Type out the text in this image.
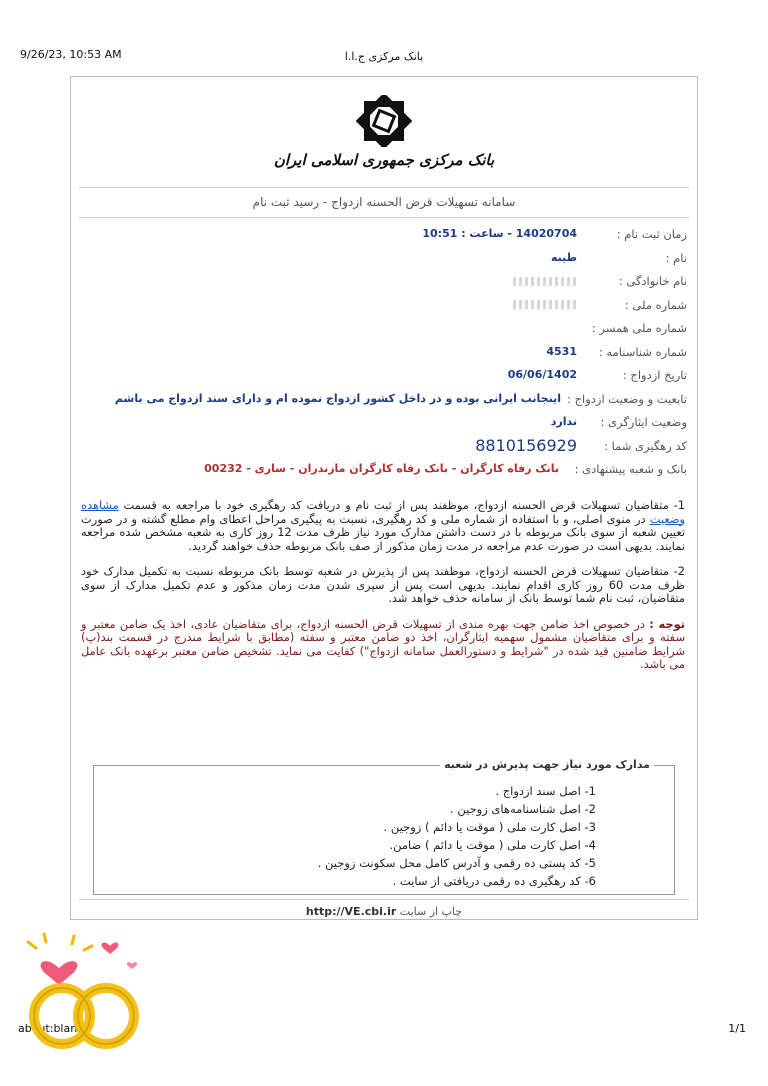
9/26/23, 10:53 AM	بانک مرکزی ج.ا.ا
about:blank	1/1
بانک مرکزی جمهوری اسلامی ایران
سامانه تسهیلات قرض الحسنه ازدواج - رسید ثبت نام
زمان ثبت نام :
14020704 - ساعت : 10:51
نام :
طیبه
نام خانوادگی :
شماره ملی :
شماره ملی همسر :
شماره شناسنامه :
4531
تاریخ ازدواج :
06/06/1402
تابعیت و وضعیت ازدواج :
اینجانب ایرانی بوده و در داخل کشور ازدواج نموده ام و دارای سند ازدواج می باشم
وضعیت ایثارگری :
ندارد
کد رهگیری شما :
8810156929
بانک و شعبه پیشنهادی :
بانک رفاه کارگران - بانک رفاه کارگران مازندران - ساری - 00232

1- متقاضیان تسهیلات قرض الحسنه ازدواج، موظفند پس از ثبت نام و دریافت کد رهگیری خود با مراجعه به قسمت مشاهده وضعیت در منوی اصلی، و با استفاده از شماره ملی و کد رهگیری، نسبت به پیگیری مراحل اعطای وام مطلع گشته و در صورت تعیین شعبه از سوی بانک مربوطه با در دست داشتن مدارک مورد نیاز ظرف مدت 12 روز کاری به شعبه مشخص شده مراجعه نمایند. بدیهی است در صورت عدم مراجعه در مدت زمان مذکور از صف بانک مربوطه حذف خواهند گردید.

2- متقاضیان تسهیلات قرض الحسنه ازدواج، موظفند پس از پذیرش در شعبه توسط بانک مربوطه نسبت به تکمیل مدارک خود ظرف مدت 60 روز کاری اقدام نمایند. بدیهی است پس از سپری شدن مدت زمان مذکور و عدم تکمیل مدارک از سوی متقاضیان، ثبت نام شما توسط بانک از سامانه حذف خواهد شد.

توجه : در خصوص اخذ ضامن جهت بهره مندی از تسهیلات قرض الحسنه ازدواج، برای متقاضیان عادی، اخذ یک ضامن معتبر و سفته و برای متقاضیان مشمول سهمیه ایثارگران، اخذ دو ضامن معتبر و سفته (مطابق با شرایط مندرج در قسمت بند(پ) شرایط ضامنین قید شده در "شرایط و دستورالعمل سامانه ازدواج") کفایت می نماید. تشخیص ضامن معتبر برعهده بانک عامل می باشد.

مدارک مورد نیاز جهت پذیرش در شعبه
1- اصل سند ازدواج .
2- اصل شناسنامه‌های زوجین .
3- اصل کارت ملی ( موقت یا دائم ) زوجین .
4- اصل کارت ملی ( موقت یا دائم ) ضامن.
5- کد پستی ده رقمی و آدرس کامل محل سکونت زوجین .
6- کد رهگیری ده رقمی دریافتی از سایت .
چاپ از سایت http://VE.cbi.ir
